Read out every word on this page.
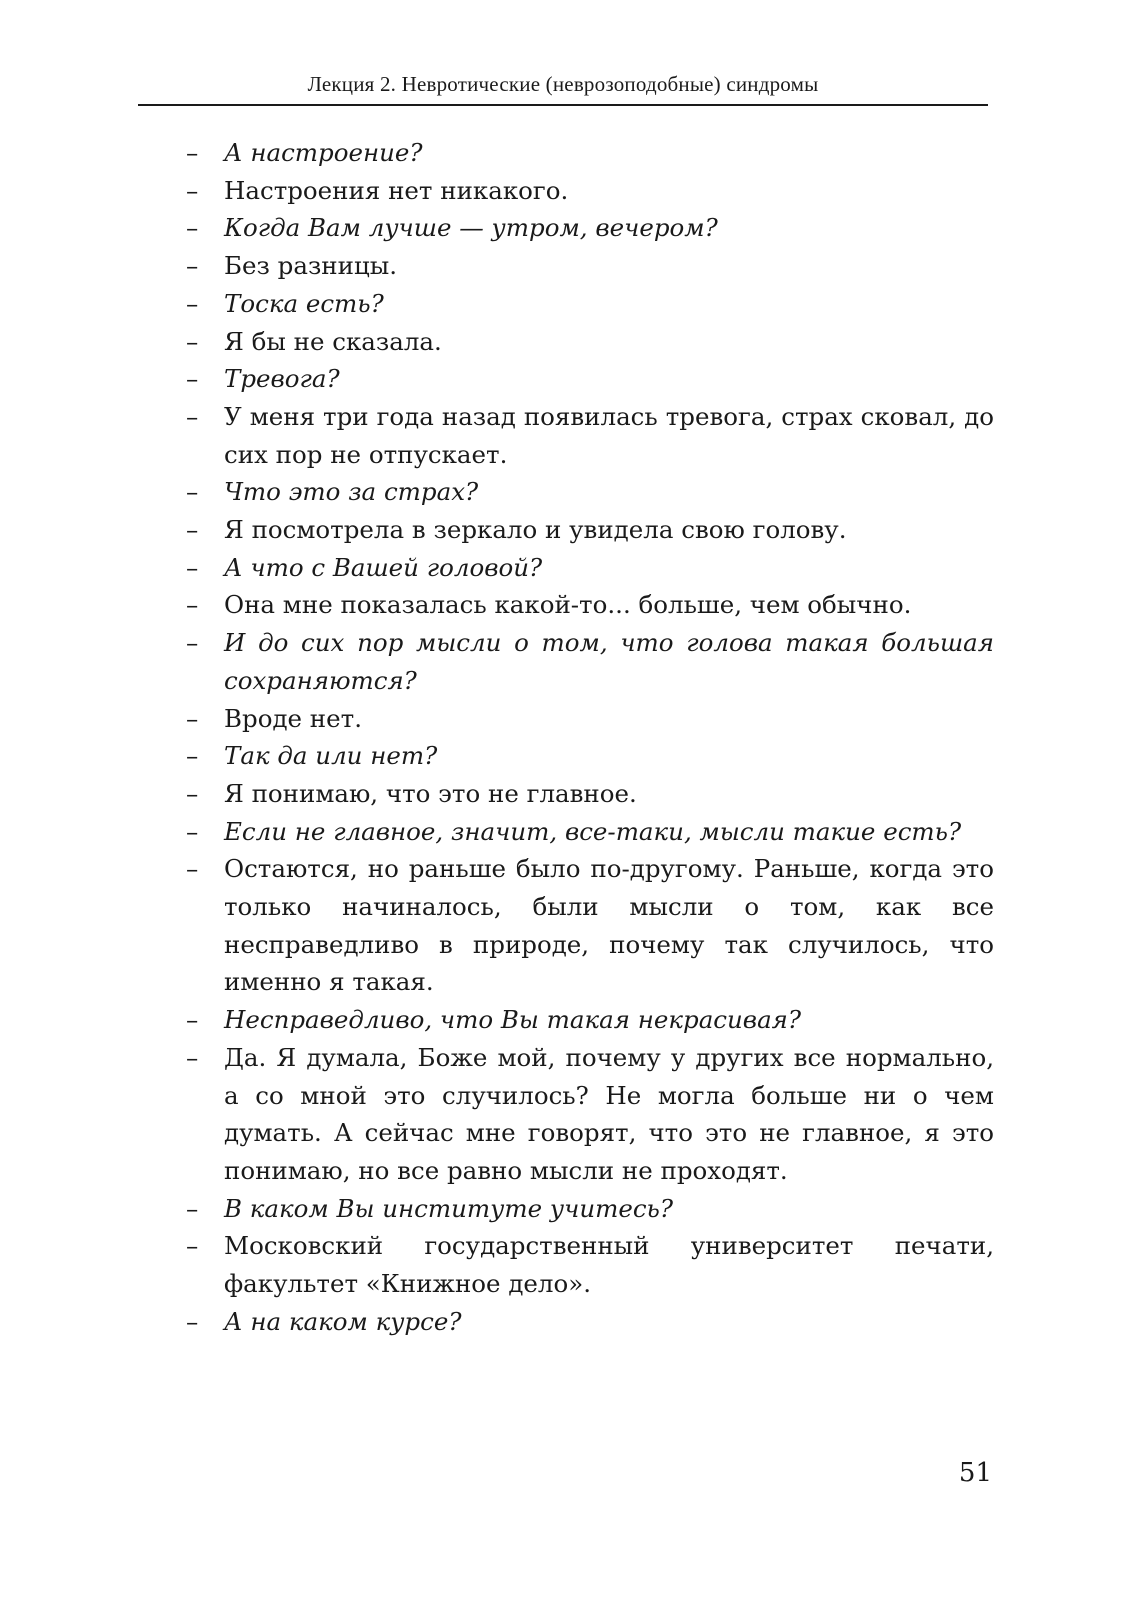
Лекция 2. Невротические (неврозоподобные) синдромы
– А настроение?
– Настроения нет никакого.
– Когда Вам лучше — утром, вечером?
– Без разницы.
– Тоска есть?
– Я бы не сказала.
– Тревога?
– У меня три года назад появилась тревога, страх сковал, до сих пор не отпускает.
– Что это за страх?
– Я посмотрела в зеркало и увидела свою голову.
– А что с Вашей головой?
– Она мне показалась какой-то... больше, чем обычно.
– И до сих пор мысли о том, что голова такая большая сохраняются?
– Вроде нет.
– Так да или нет?
– Я понимаю, что это не главное.
– Если не главное, значит, все-таки, мысли такие есть?
– Остаются, но раньше было по-другому. Раньше, когда это только начиналось, были мысли о том, как все несправедливо в природе, почему так случилось, что именно я такая.
– Несправедливо, что Вы такая некрасивая?
– Да. Я думала, Боже мой, почему у других все нормально, а со мной это случилось? Не могла больше ни о чем думать. А сейчас мне говорят, что это не главное, я это понимаю, но все равно мысли не проходят.
– В каком Вы институте учитесь?
– Московский государственный университет печати, факультет «Книжное дело».
– А на каком курсе?
51
